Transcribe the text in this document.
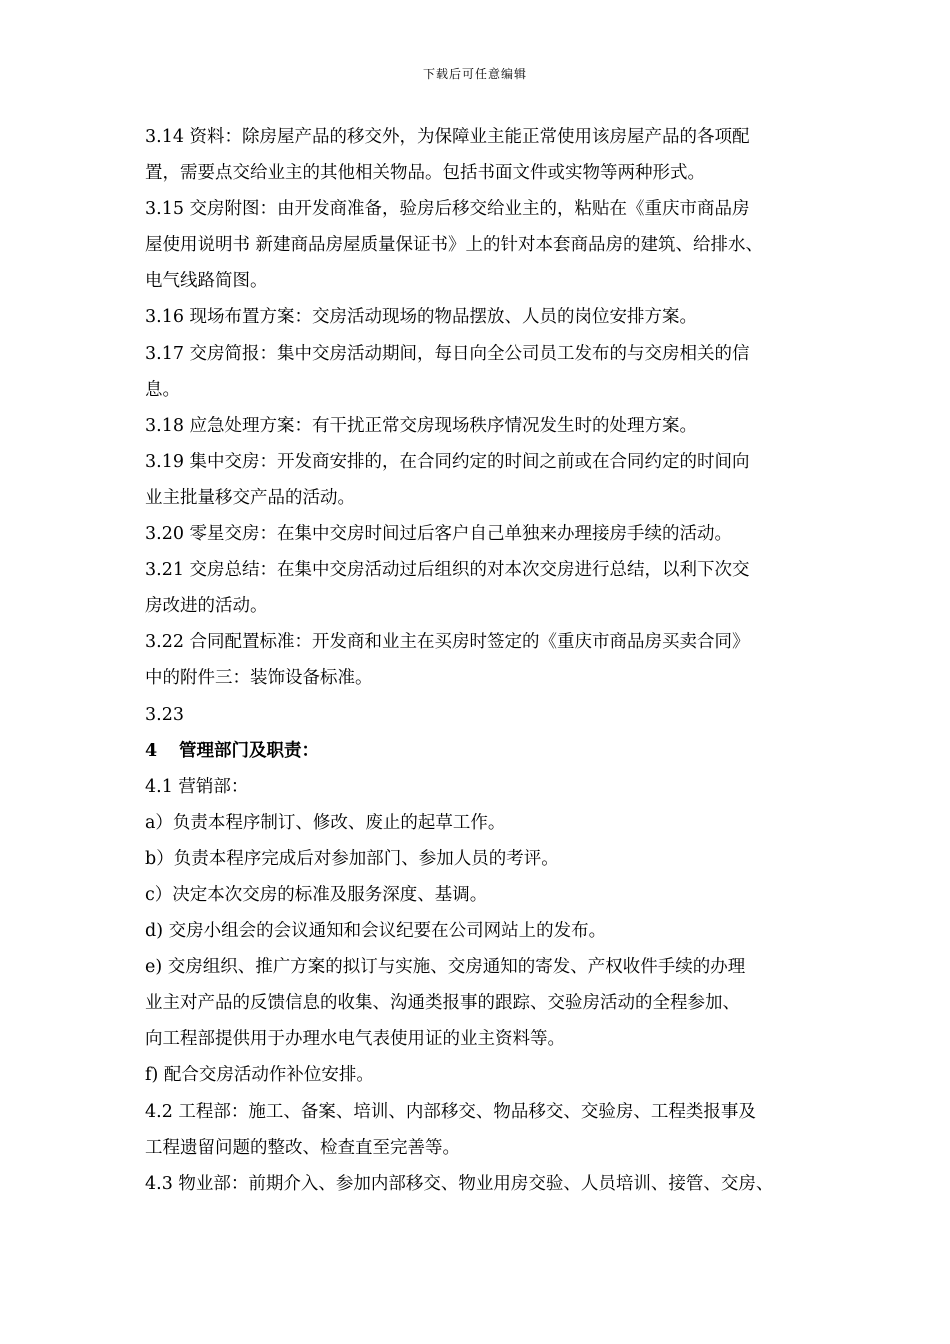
下载后可任意编辑
3.14 资料：除房屋产品的移交外，为保障业主能正常使用该房屋产品的各项配
置，需要点交给业主的其他相关物品。包括书面文件或实物等两种形式。
3.15 交房附图：由开发商准备，验房后移交给业主的，粘贴在《重庆市商品房
屋使用说明书 新建商品房屋质量保证书》上的针对本套商品房的建筑、给排水、
电气线路简图。
3.16 现场布置方案：交房活动现场的物品摆放、人员的岗位安排方案。
3.17 交房简报：集中交房活动期间，每日向全公司员工发布的与交房相关的信
息。
3.18 应急处理方案：有干扰正常交房现场秩序情况发生时的处理方案。
3.19 集中交房：开发商安排的，在合同约定的时间之前或在合同约定的时间向
业主批量移交产品的活动。
3.20 零星交房：在集中交房时间过后客户自己单独来办理接房手续的活动。
3.21 交房总结：在集中交房活动过后组织的对本次交房进行总结，以利下次交
房改进的活动。
3.22 合同配置标准：开发商和业主在买房时签定的《重庆市商品房买卖合同》
中的附件三：装饰设备标准。
3.23
4 管理部门及职责：
4.1 营销部：
a）负责本程序制订、修改、废止的起草工作。
b）负责本程序完成后对参加部门、参加人员的考评。
c）决定本次交房的标准及服务深度、基调。
d) 交房小组会的会议通知和会议纪要在公司网站上的发布。
e) 交房组织、推广方案的拟订与实施、交房通知的寄发、产权收件手续的办理
业主对产品的反馈信息的收集、沟通类报事的跟踪、交验房活动的全程参加、
向工程部提供用于办理水电气表使用证的业主资料等。
f) 配合交房活动作补位安排。
4.2 工程部：施工、备案、培训、内部移交、物品移交、交验房、工程类报事及
工程遗留问题的整改、检查直至完善等。
4.3 物业部：前期介入、参加内部移交、物业用房交验、人员培训、接管、交房、
